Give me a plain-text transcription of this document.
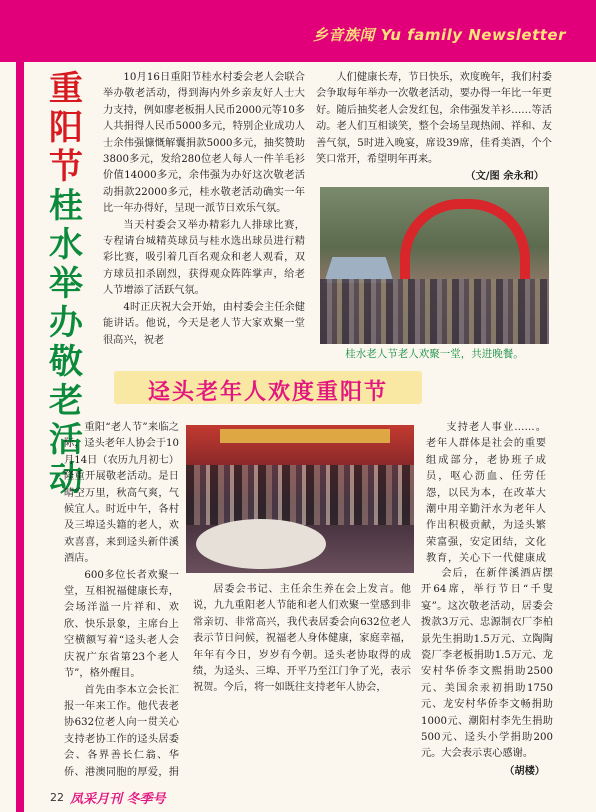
乡音族闻 Yu family Newsletter
重
阳
节
桂
水
举
办
敬
老
活
动

10月16日重阳节桂水村委会老人会联合举办敬老活动，得到海内外乡亲友好人士大力支持，例如廖老板捐人民币2000元等10多人共捐得人民币5000多元，特别企业成功人士余伟强慷慨解囊捐款5000多元，抽奖赞助3800多元，发给280位老人每人一件羊毛衫价值14000多元，余伟强为办好这次敬老活动捐款22000多元，桂水敬老活动确实一年比一年办得好，呈现一派节日欢乐气氛。

当天村委会又举办精彩九人排球比赛，专程请台城精英球员与桂水选出球员进行精彩比赛，吸引着几百名观众和老人观看，双方球员扣杀剧烈，获得观众阵阵掌声，给老人节增添了活跃气氛。

4时正庆祝大会开始，由村委会主任余健能讲话。他说，今天是老人节大家欢聚一堂很高兴，祝老

人们健康长寿，节日快乐，欢度晚年，我们村委会争取每年举办一次敬老活动，要办得一年比一年更好。随后抽奖老人会发红包，余伟强发羊衫……等活动。老人们互相谈笑，整个会场呈现热闹、祥和、友善气氛，5时进入晚宴，席设39席，佳肴美酒，个个笑口常开，希望明年再来。

（文/图 余永和）

桂水老人节老人欢聚一堂，共进晚餐。
迳头老年人欢度重阳节

重阳“老人节”来临之际，迳头老年人协会于10月14日（农历九月初七）隆重开展敬老活动。是日晴空万里，秋高气爽，气候宜人。时近中午，各村及三埠迳头籍的老人，欢欢喜喜，来到迳头新伴溪酒店。

600多位长者欢聚一堂，互相祝福健康长寿，会场洋溢一片祥和、欢欣、快乐景象，主席台上空横额写着“迳头老人会庆祝广东省第23个老人节”，格外醒目。

首先由李本立会长汇报一年来工作。他代表老协632位老人向一贯关心支持老协工作的迳头居委会、各界善长仁翁、华侨、港澳同胞的厚爱，捐

居委会书记、主任余生养在会上发言。他说，九九重阳老人节能和老人们欢聚一堂感到非常亲切、非常高兴，我代表居委会向632位老人表示节日问候，祝福老人身体健康，家庭幸福，年年有今日，岁岁有今朝。迳头老协取得的成绩，为迳头、三埠、开平乃至江门争了光，表示祝贺。今后，将一如既往支持老年人协会，

支持老人事业……。老年人群体是社会的重要组成部分，老协班子成员，呕心沥血、任劳任怨，以民为本，在改革大潮中用辛勤汗水为老年人作出积极贡献，为迳头繁荣富强，安定团结，文化教育，关心下一代健康成

会后，在新伴溪酒店摆开64席，举行节日“千叟宴”。这次敬老活动，居委会拨款3万元、忠源制衣厂李柏景先生捐助1.5万元、立陶陶瓷厂李老板捐助1.5万元、龙安村华侨李文熙捐助2500元、美国余汞初捐助1750元、龙安村华侨李文畅捐助1000元、潮阳村李先生捐助500元、迳头小学捐助200元。大会表示衷心感谢。

（胡楼）

22 凤采月刊 冬季号
